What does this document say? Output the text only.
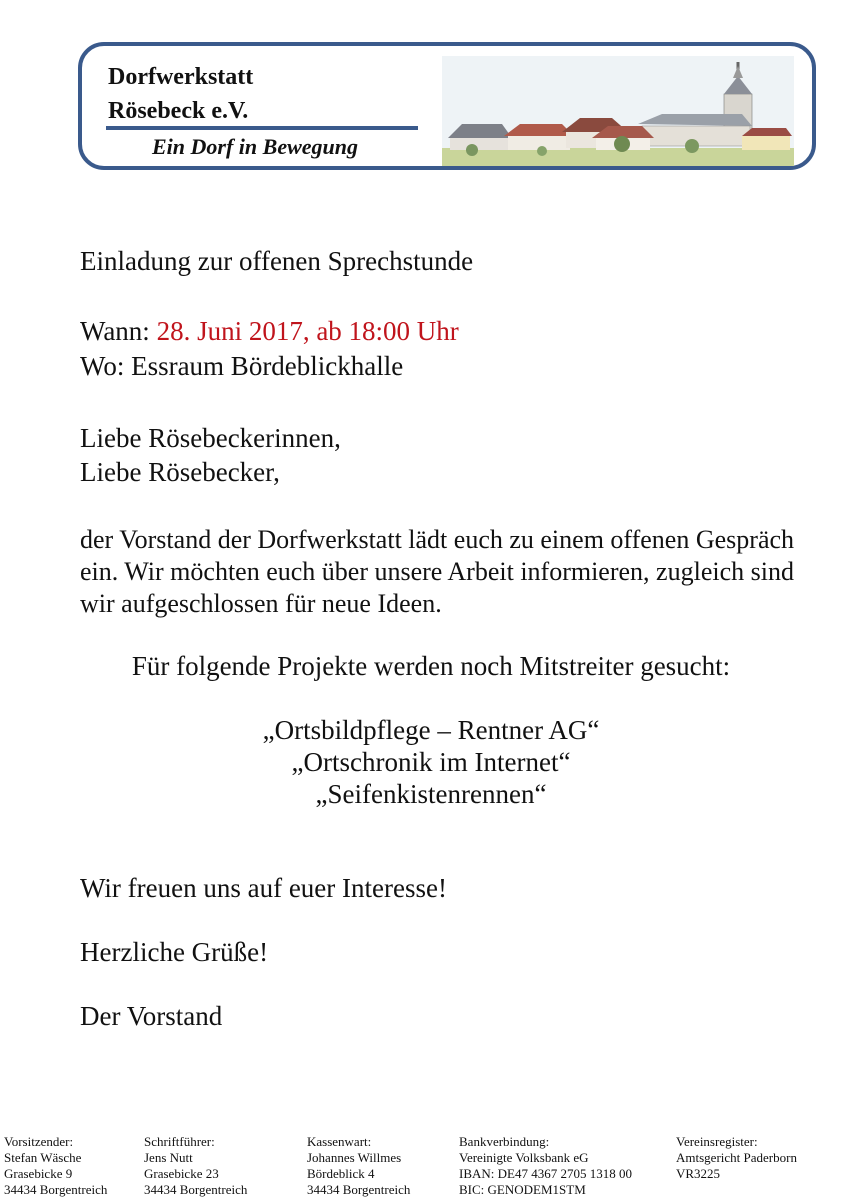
Dorfwerkstatt
Rösebeck e.V.
Ein Dorf in Bewegung
Einladung zur offenen Sprechstunde
Wann: 28. Juni 2017, ab 18:00 Uhr
Wo: Essraum Bördeblickhalle
Liebe Rösebeckerinnen,
Liebe Rösebecker,
der Vorstand der Dorfwerkstatt lädt euch zu einem offenen Gespräch ein. Wir möchten euch über unsere Arbeit informieren, zugleich sind wir aufgeschlossen für neue Ideen.
Für folgende Projekte werden noch Mitstreiter gesucht:
„Ortsbildpflege – Rentner AG“
„Ortschronik im Internet“
„Seifenkistenrennen“
Wir freuen uns auf euer Interesse!
Herzliche Grüße!
Der Vorstand
Vorsitzender:
Stefan Wäsche
Grasebicke 9
34434 Borgentreich
Schriftführer:
Jens Nutt
Grasebicke 23
34434 Borgentreich
Kassenwart:
Johannes Willmes
Bördeblick 4
34434 Borgentreich
Bankverbindung:
Vereinigte Volksbank eG
IBAN: DE47 4367 2705 1318 00
BIC: GENODEM1STM
Vereinsregister:
Amtsgericht Paderborn
VR3225
